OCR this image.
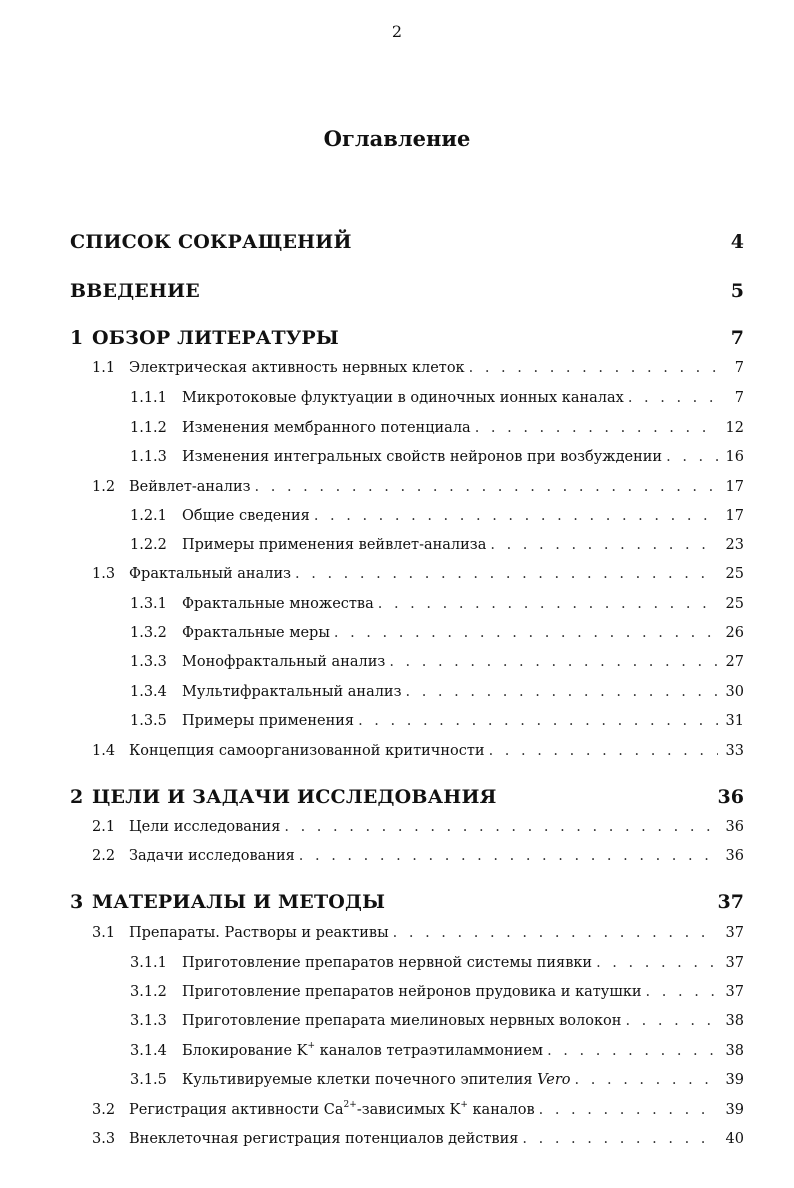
2
Оглавление
СПИСОК СОКРАЩЕНИЙ	4
ВВЕДЕНИЕ	5
1 ОБЗОР ЛИТЕРАТУРЫ	7
1.1 Электрическая активность нервных клеток . . .	7
1.1.1	Микротоковые флуктуации в одиночных ионных каналах . . .	7
1.1.2	Изменения мембранного потенциала . . .	12
1.1.3	Изменения интегральных свойств нейронов при возбуждении . . .	16
1.2 Вейвлет-анализ . . .	17
1.2.1	Общие сведения . . .	17
1.2.2	Примеры применения вейвлет-анализа . . .	23
1.3 Фрактальный анализ . . .	25
1.3.1	Фрактальные множества . . .	25
1.3.2	Фрактальные меры . . .	26
1.3.3	Монофрактальный анализ . . .	27
1.3.4	Мультифрактальный анализ . . .	30
1.3.5	Примеры применения . . .	31
1.4 Концепция самоорганизованной критичности . . .	33
2 ЦЕЛИ И ЗАДАЧИ ИССЛЕДОВАНИЯ	36
2.1 Цели исследования . . .	36
2.2 Задачи исследования . . .	36
3 МАТЕРИАЛЫ И МЕТОДЫ	37
3.1 Препараты. Растворы и реактивы . . .	37
3.1.1	Приготовление препаратов нервной системы пиявки . . .	37
3.1.2	Приготовление препаратов нейронов прудовика и катушки . . .	37
3.1.3	Приготовление препарата миелиновых нервных волокон . . .	38
3.1.4	Блокирование K+ каналов тетраэтиламмонием . . .	38
3.1.5	Культивируемые клетки почечного эпителия Vero . . .	39
3.2 Регистрация активности $Ca^{2+}$-зависимых K+ каналов . . .	39
3.3 Внеклеточная регистрация потенциалов действия . . .	40
